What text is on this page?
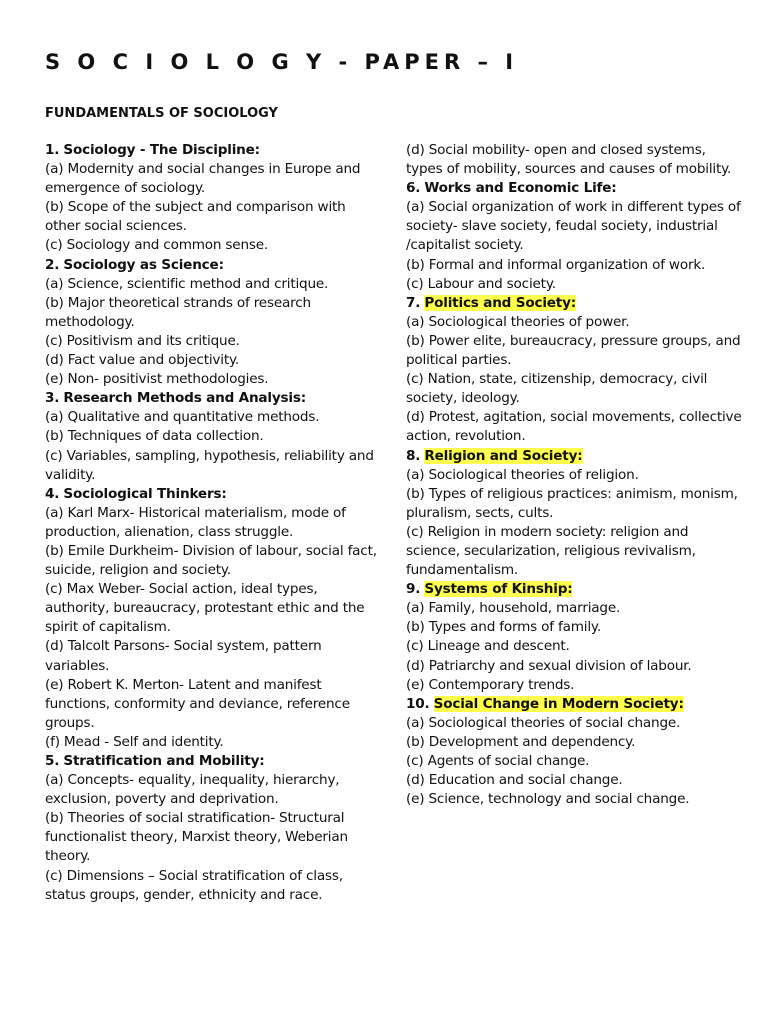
S O C I O L O G Y - PAPER – I
FUNDAMENTALS OF SOCIOLOGY

1. Sociology - The Discipline:

(a) Modernity and social changes in Europe and emergence of sociology.

(b) Scope of the subject and comparison with other social sciences.

(c) Sociology and common sense.

2. Sociology as Science:

(a) Science, scientific method and critique.

(b) Major theoretical strands of research methodology.

(c) Positivism and its critique.

(d) Fact value and objectivity.

(e) Non- positivist methodologies.

3. Research Methods and Analysis:

(a) Qualitative and quantitative methods.

(b) Techniques of data collection.

(c) Variables, sampling, hypothesis, reliability and validity.

4. Sociological Thinkers:

(a) Karl Marx- Historical materialism, mode of production, alienation, class struggle.

(b) Emile Durkheim- Division of labour, social fact, suicide, religion and society.

(c) Max Weber- Social action, ideal types, authority, bureaucracy, protestant ethic and the spirit of capitalism.

(d) Talcolt Parsons- Social system, pattern variables.

(e) Robert K. Merton- Latent and manifest functions, conformity and deviance, reference groups.

(f) Mead - Self and identity.

5. Stratification and Mobility:

(a) Concepts- equality, inequality, hierarchy, exclusion, poverty and deprivation.

(b) Theories of social stratification- Structural functionalist theory, Marxist theory, Weberian theory.

(c) Dimensions – Social stratification of class, status groups, gender, ethnicity and race.

(d) Social mobility- open and closed systems, types of mobility, sources and causes of mobility.

6. Works and Economic Life:

(a) Social organization of work in different types of society- slave society, feudal society, industrial /capitalist society.

(b) Formal and informal organization of work.

(c) Labour and society.

7. Politics and Society:

(a) Sociological theories of power.

(b) Power elite, bureaucracy, pressure groups, and political parties.

(c) Nation, state, citizenship, democracy, civil society, ideology.

(d) Protest, agitation, social movements, collective action, revolution.

8. Religion and Society:

(a) Sociological theories of religion.

(b) Types of religious practices: animism, monism, pluralism, sects, cults.

(c) Religion in modern society: religion and science, secularization, religious revivalism, fundamentalism.

9. Systems of Kinship:

(a) Family, household, marriage.

(b) Types and forms of family.

(c) Lineage and descent.

(d) Patriarchy and sexual division of labour.

(e) Contemporary trends.

10. Social Change in Modern Society:

(a) Sociological theories of social change.

(b) Development and dependency.

(c) Agents of social change.

(d) Education and social change.

(e) Science, technology and social change.
